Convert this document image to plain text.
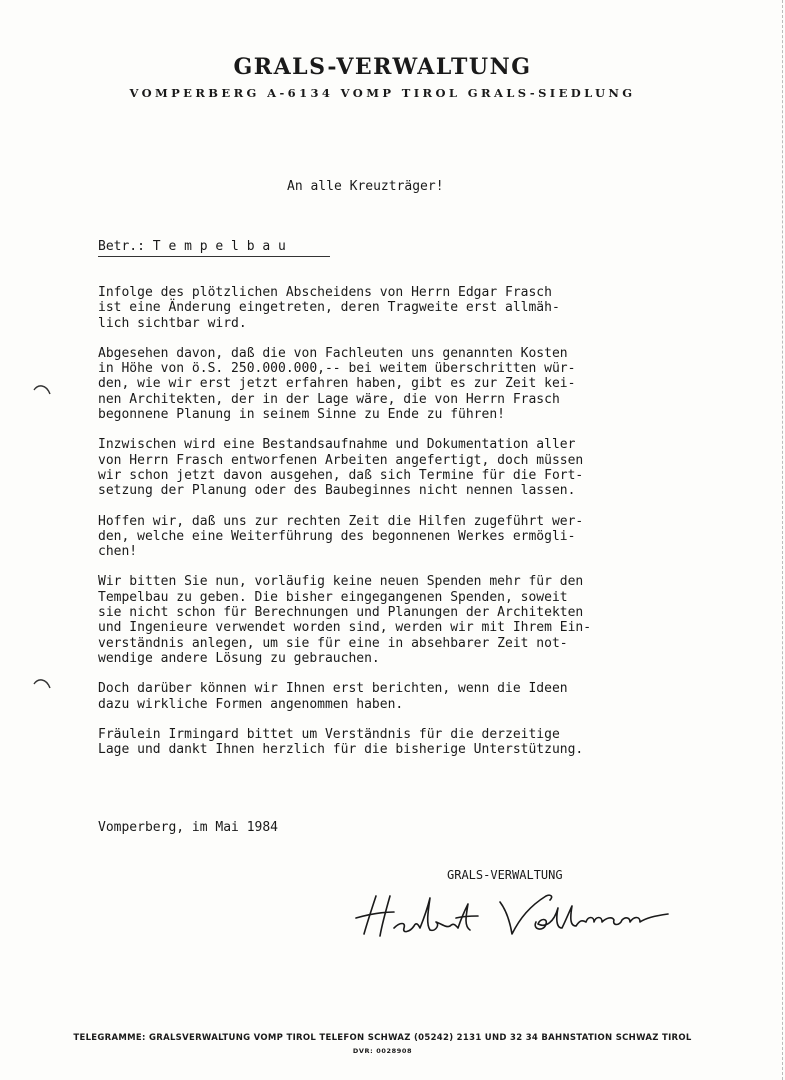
GRALS-VERWALTUNG
VOMPERBERG A-6134 VOMP TIROL GRALS-SIEDLUNG
An alle Kreuzträger!
Betr.: T e m p e l b a u

Infolge des plötzlichen Abscheidens von Herrn Edgar Frasch
ist eine Änderung eingetreten, deren Tragweite erst allmäh-
lich sichtbar wird.

Abgesehen davon, daß die von Fachleuten uns genannten Kosten
in Höhe von ö.S. 250.000.000,-- bei weitem überschritten wür-
den, wie wir erst jetzt erfahren haben, gibt es zur Zeit kei-
nen Architekten, der in der Lage wäre, die von Herrn Frasch
begonnene Planung in seinem Sinne zu Ende zu führen!

Inzwischen wird eine Bestandsaufnahme und Dokumentation aller
von Herrn Frasch entworfenen Arbeiten angefertigt, doch müssen
wir schon jetzt davon ausgehen, daß sich Termine für die Fort-
setzung der Planung oder des Baubeginnes nicht nennen lassen.

Hoffen wir, daß uns zur rechten Zeit die Hilfen zugeführt wer-
den, welche eine Weiterführung des begonnenen Werkes ermögli-
chen!

Wir bitten Sie nun, vorläufig keine neuen Spenden mehr für den
Tempelbau zu geben. Die bisher eingegangenen Spenden, soweit
sie nicht schon für Berechnungen und Planungen der Architekten
und Ingenieure verwendet worden sind, werden wir mit Ihrem Ein-
verständnis anlegen, um sie für eine in absehbarer Zeit not-
wendige andere Lösung zu gebrauchen.

Doch darüber können wir Ihnen erst berichten, wenn die Ideen
dazu wirkliche Formen angenommen haben.

Fräulein Irmingard bittet um Verständnis für die derzeitige
Lage und dankt Ihnen herzlich für die bisherige Unterstützung.

Vomperberg, im Mai 1984
GRALS-VERWALTUNG
TELEGRAMME: GRALSVERWALTUNG VOMP TIROL TELEFON SCHWAZ (05242) 2131 UND 32 34 BAHNSTATION SCHWAZ TIROL
DVR: 0028908
